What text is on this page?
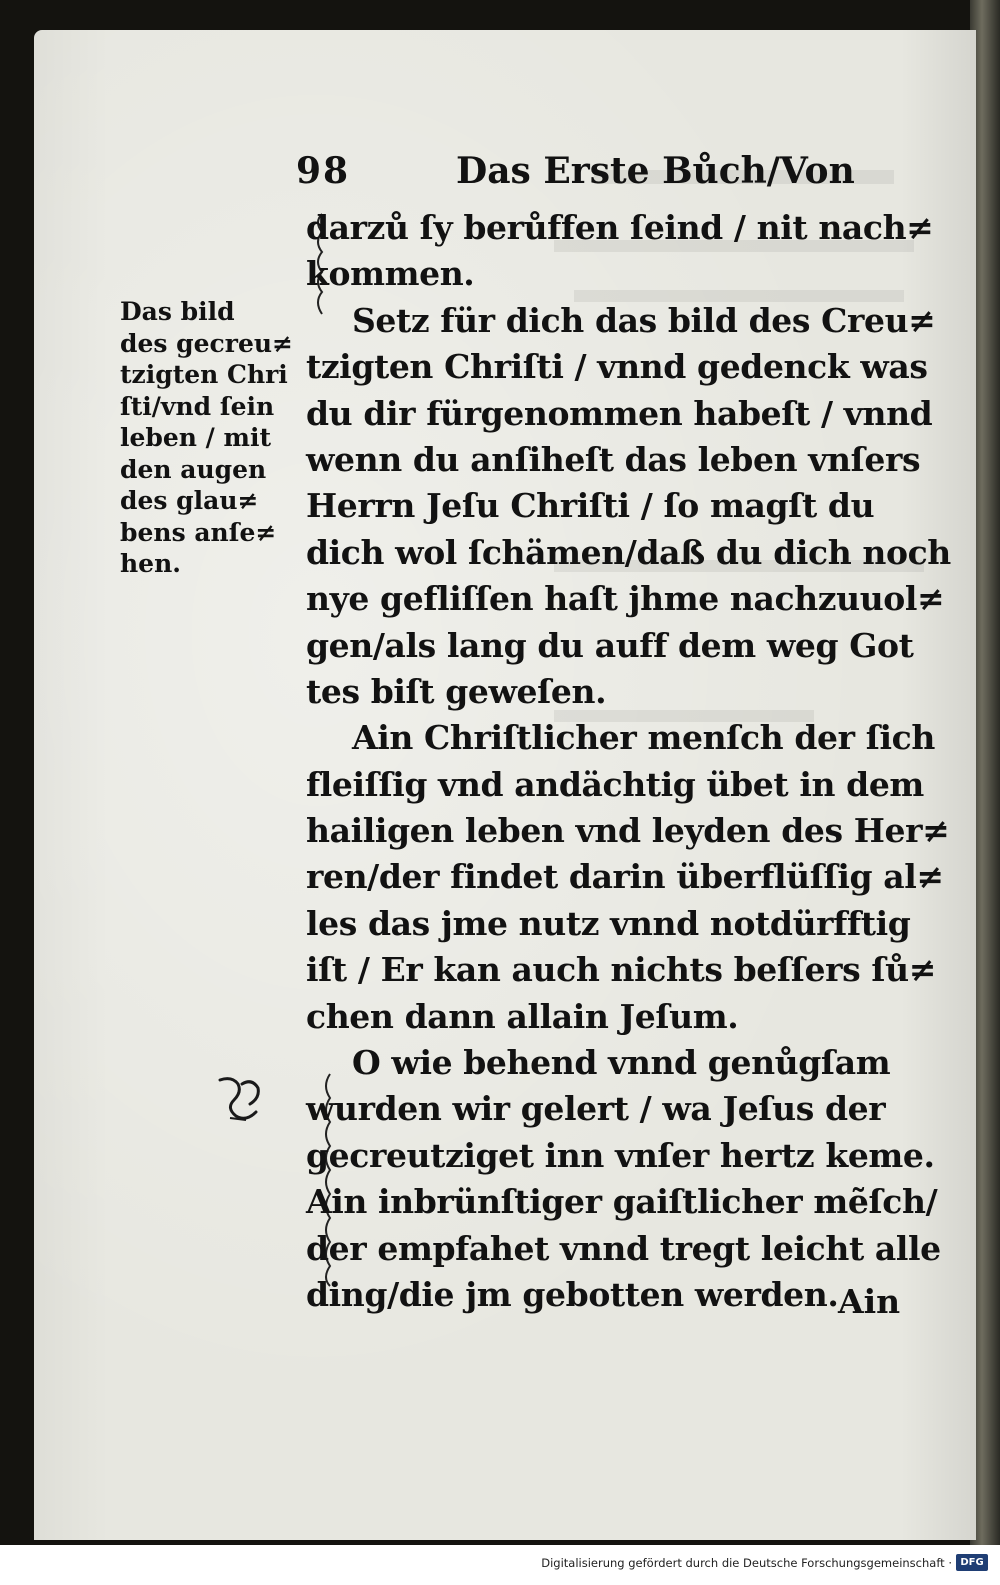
98	Das Erste Bůch/Von
darzů ſy berůffen ſeind / nit nach≠
kommen.
Setz für dich das bild des Creu≠
tzigten Chriſti / vnnd gedenck was
du dir fürgenommen habeſt / vnnd
wenn du anſiheſt das leben vnſers
Herrn Jeſu Chriſti / ſo magſt du
dich wol ſchämen/daß du dich noch
nye gefliſſen haſt jhme nachzuuol≠
gen/als lang du auff dem weg Got
tes biſt geweſen.
Ain Chriſtlicher menſch der ſich
fleiſſig vnd andächtig übet in dem
hailigen leben vnd leyden des Her≠
ren/der findet darin überflüſſig al≠
les das jme nutz vnnd notdürfftig
iſt / Er kan auch nichts beſſers ſů≠
chen dann allain Jeſum.
O wie behend vnnd genůgſam
wurden wir gelert / wa Jeſus der
gecreutziget inn vnſer hertz keme.
Ain inbrünſtiger gaiſtlicher mẽſch/
der empfahet vnnd tregt leicht alle
ding/die jm gebotten werden.
Das bild
des gecreu≠
tzigten Chri
ſti/vnd ſein
leben / mit
den augen
des glau≠
bens anſe≠
hen.
Ain
Digitalisierung gefördert durch die Deutsche Forschungsgemeinschaft · DFG
